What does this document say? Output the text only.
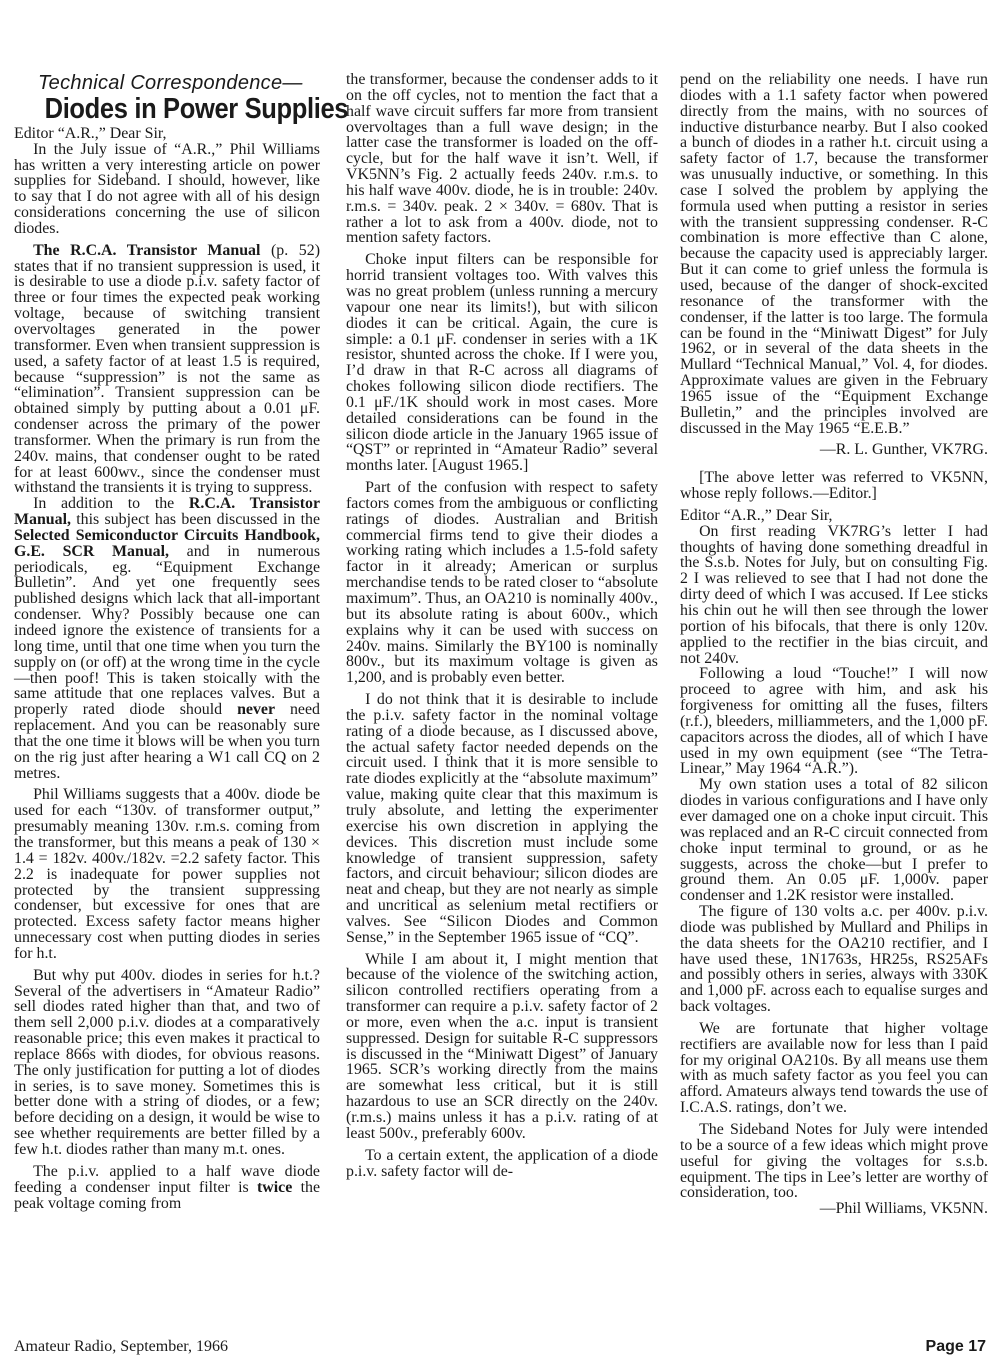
Technical Correspondence—

Diodes in Power Supplies

Editor “A.R.,” Dear Sir,

In the July issue of “A.R.,” Phil Williams has written a very interesting article on power supplies for Sideband. I should, however, like to say that I do not agree with all of his design considerations concerning the use of silicon diodes.

The R.C.A. Transistor Manual (p. 52) states that if no transient suppression is used, it is desirable to use a diode p.i.v. safety factor of three or four times the expected peak working voltage, because of switching transient overvoltages generated in the power transformer. Even when transient suppression is used, a safety factor of at least 1.5 is required, because “suppression” is not the same as “elimination”. Transient suppression can be obtained simply by putting about a 0.01 μF. condenser across the primary of the power transformer. When the primary is run from the 240v. mains, that condenser ought to be rated for at least 600wv., since the condenser must withstand the transients it is trying to suppress.

In addition to the R.C.A. Transistor Manual, this subject has been discussed in the Selected Semiconductor Circuits Handbook, G.E. SCR Manual, and in numerous periodicals, eg. “Equipment Exchange Bulletin”. And yet one frequently sees published designs which lack that all-important condenser. Why? Possibly because one can indeed ignore the existence of transients for a long time, until that one time when you turn the supply on (or off) at the wrong time in the cycle—then poof! This is taken stoically with the same attitude that one replaces valves. But a properly rated diode should never need replacement. And you can be reasonably sure that the one time it blows will be when you turn on the rig just after hearing a W1 call CQ on 2 metres.

Phil Williams suggests that a 400v. diode be used for each “130v. of transformer output,” presumably meaning 130v. r.m.s. coming from the transformer, but this means a peak of 130 × 1.4 = 182v. 400v./182v. =2.2 safety factor. This 2.2 is inadequate for power supplies not protected by the transient suppressing condenser, but excessive for ones that are protected. Excess safety factor means higher unnecessary cost when putting diodes in series for h.t.

But why put 400v. diodes in series for h.t.? Several of the advertisers in “Amateur Radio” sell diodes rated higher than that, and two of them sell 2,000 p.i.v. diodes at a comparatively reasonable price; this even makes it practical to replace 866s with diodes, for obvious reasons. The only justification for putting a lot of diodes in series, is to save money. Sometimes this is better done with a string of diodes, or a few; before deciding on a design, it would be wise to see whether requirements are better filled by a few h.t. diodes rather than many m.t. ones.

The p.i.v. applied to a half wave diode feeding a condenser input filter is twice the peak voltage coming from

the transformer, because the condenser adds to it on the off cycles, not to mention the fact that a half wave circuit suffers far more from transient overvoltages than a full wave design; in the latter case the transformer is loaded on the off-cycle, but for the half wave it isn’t. Well, if VK5NN’s Fig. 2 actually feeds 240v. r.m.s. to his half wave 400v. diode, he is in trouble: 240v. r.m.s. = 340v. peak. 2 × 340v. = 680v. That is rather a lot to ask from a 400v. diode, not to mention safety factors.

Choke input filters can be responsible for horrid transient voltages too. With valves this was no great problem (unless running a mercury vapour one near its limits!), but with silicon diodes it can be critical. Again, the cure is simple: a 0.1 μF. condenser in series with a 1K resistor, shunted across the choke. If I were you, I’d draw in that R-C across all diagrams of chokes following silicon diode rectifiers. The 0.1 μF./1K should work in most cases. More detailed considerations can be found in the silicon diode article in the January 1965 issue of “QST” or reprinted in “Amateur Radio” several months later. [August 1965.]

Part of the confusion with respect to safety factors comes from the ambiguous or conflicting ratings of diodes. Australian and British commercial firms tend to give their diodes a working rating which includes a 1.5-fold safety factor in it already; American or surplus merchandise tends to be rated closer to “absolute maximum”. Thus, an OA210 is nominally 400v., but its absolute rating is about 600v., which explains why it can be used with success on 240v. mains. Similarly the BY100 is nominally 800v., but its maximum voltage is given as 1,200, and is probably even better.

I do not think that it is desirable to include the p.i.v. safety factor in the nominal voltage rating of a diode because, as I discussed above, the actual safety factor needed depends on the circuit used. I think that it is more sensible to rate diodes explicitly at the “absolute maximum” value, making quite clear that this maximum is truly absolute, and letting the experimenter exercise his own discretion in applying the devices. This discretion must include some knowledge of transient suppression, safety factors, and circuit behaviour; silicon diodes are neat and cheap, but they are not nearly as simple and uncritical as selenium metal rectifiers or valves. See “Silicon Diodes and Common Sense,” in the September 1965 issue of “CQ”.

While I am about it, I might mention that because of the violence of the switching action, silicon controlled rectifiers operating from a transformer can require a p.i.v. safety factor of 2 or more, even when the a.c. input is transient suppressed. Design for suitable R-C suppressors is discussed in the “Miniwatt Digest” of January 1965. SCR’s working directly from the mains are somewhat less critical, but it is still hazardous to use an SCR directly on the 240v. (r.m.s.) mains unless it has a p.i.v. rating of at least 500v., preferably 600v.

To a certain extent, the application of a diode p.i.v. safety factor will de-

pend on the reliability one needs. I have run diodes with a 1.1 safety factor when powered directly from the mains, with no sources of inductive disturbance nearby. But I also cooked a bunch of diodes in a rather h.t. circuit using a safety factor of 1.7, because the transformer was unusually inductive, or something. In this case I solved the problem by applying the formula used when putting a resistor in series with the transient suppressing condenser. R-C combination is more effective than C alone, because the capacity used is appreciably larger. But it can come to grief unless the formula is used, because of the danger of shock-excited resonance of the transformer with the condenser, if the latter is too large. The formula can be found in the “Miniwatt Digest” for July 1962, or in several of the data sheets in the Mullard “Technical Manual,” Vol. 4, for diodes. Approximate values are given in the February 1965 issue of the “Equipment Exchange Bulletin,” and the principles involved are discussed in the May 1965 “E.E.B.”

—R. L. Gunther, VK7RG.

[The above letter was referred to VK5NN, whose reply follows.—Editor.]

Editor “A.R.,” Dear Sir,

On first reading VK7RG’s letter I had thoughts of having done something dreadful in the S.s.b. Notes for July, but on consulting Fig. 2 I was relieved to see that I had not done the dirty deed of which I was accused. If Lee sticks his chin out he will then see through the lower portion of his bifocals, that there is only 120v. applied to the rectifier in the bias circuit, and not 240v.

Following a loud “Touche!” I will now proceed to agree with him, and ask his forgiveness for omitting all the fuses, filters (r.f.), bleeders, milliammeters, and the 1,000 pF. capacitors across the diodes, all of which I have used in my own equipment (see “The Tetra-Linear,” May 1964 “A.R.”).

My own station uses a total of 82 silicon diodes in various configurations and I have only ever damaged one on a choke input circuit. This was replaced and an R-C circuit connected from choke input terminal to ground, or as he suggests, across the choke—but I prefer to ground them. An 0.05 μF. 1,000v. paper condenser and 1.2K resistor were installed.

The figure of 130 volts a.c. per 400v. p.i.v. diode was published by Mullard and Philips in the data sheets for the OA210 rectifier, and I have used these, 1N1763s, HR25s, RS25AFs and possibly others in series, always with 330K and 1,000 pF. across each to equalise surges and back voltages.

We are fortunate that higher voltage rectifiers are available now for less than I paid for my original OA210s. By all means use them with as much safety factor as you feel you can afford. Amateurs always tend towards the use of I.C.A.S. ratings, don’t we.

The Sideband Notes for July were intended to be a source of a few ideas which might prove useful for giving the voltages for s.s.b. equipment. The tips in Lee’s letter are worthy of consideration, too.

—Phil Williams, VK5NN.

Amateur Radio, September, 1966	Page 17
